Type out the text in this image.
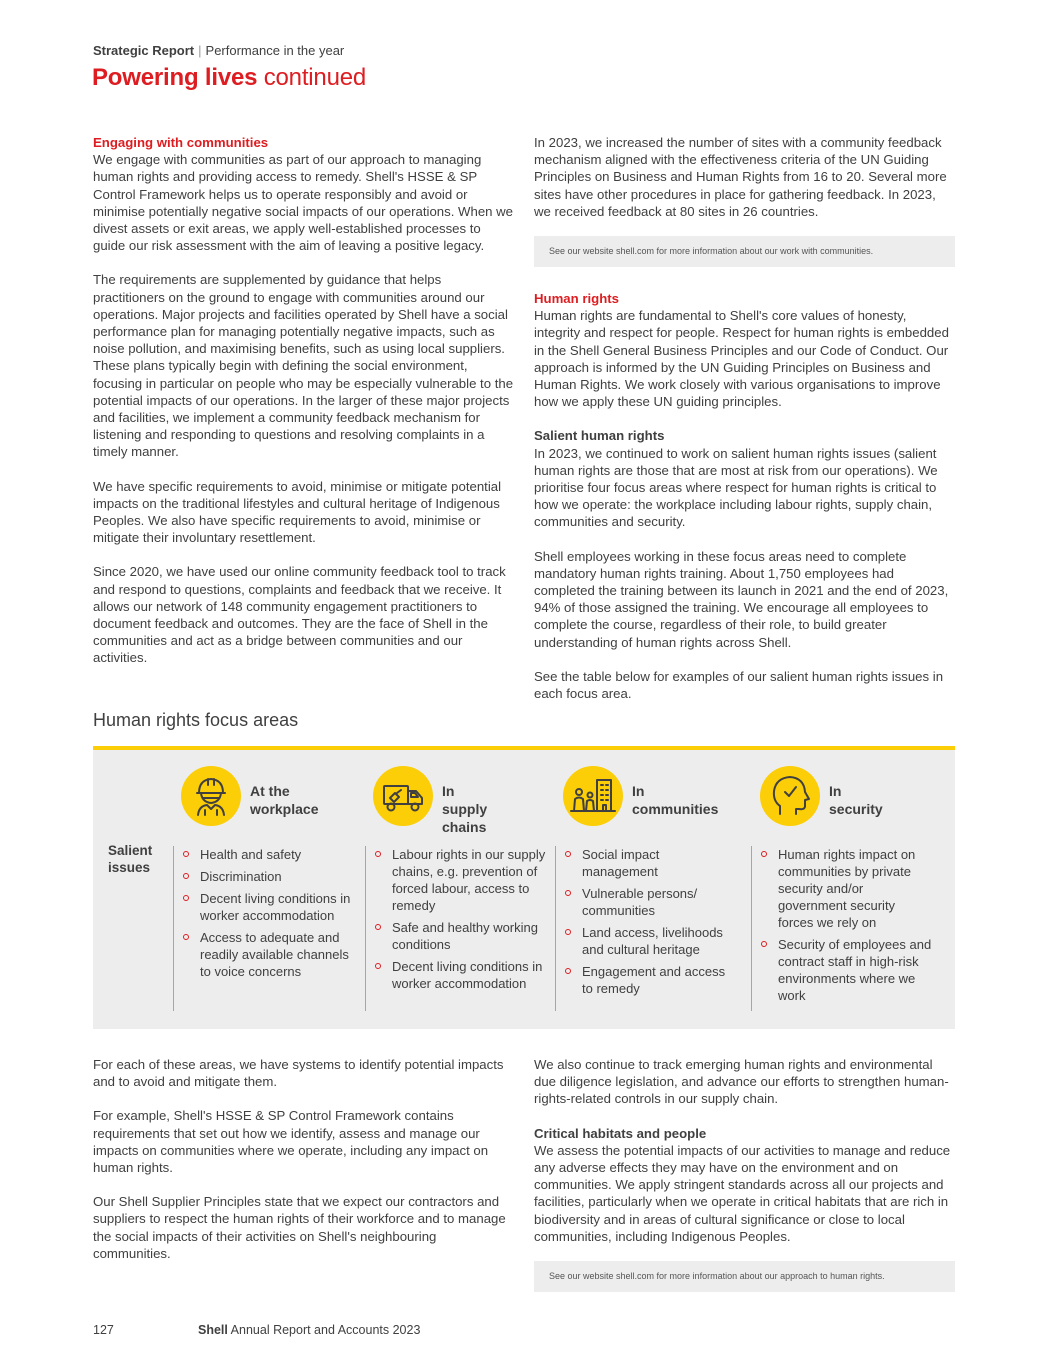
Strategic Report | Performance in the year
Powering lives continued
Engaging with communities

We engage with communities as part of our approach to managing human rights and providing access to remedy. Shell's HSSE & SP Control Framework helps us to operate responsibly and avoid or minimise potentially negative social impacts of our operations. When we divest assets or exit areas, we apply well-established processes to guide our risk assessment with the aim of leaving a positive legacy.

The requirements are supplemented by guidance that helps practitioners on the ground to engage with communities around our operations. Major projects and facilities operated by Shell have a social performance plan for managing potentially negative impacts, such as noise pollution, and maximising benefits, such as using local suppliers. These plans typically begin with defining the social environment, focusing in particular on people who may be especially vulnerable to the potential impacts of our operations. In the larger of these major projects and facilities, we implement a community feedback mechanism for listening and responding to questions and resolving complaints in a timely manner.

We have specific requirements to avoid, minimise or mitigate potential impacts on the traditional lifestyles and cultural heritage of Indigenous Peoples. We also have specific requirements to avoid, minimise or mitigate their involuntary resettlement.

Since 2020, we have used our online community feedback tool to track and respond to questions, complaints and feedback that we receive. It allows our network of 148 community engagement practitioners to document feedback and outcomes. They are the face of Shell in the communities and act as a bridge between communities and our activities.

In 2023, we increased the number of sites with a community feedback mechanism aligned with the effectiveness criteria of the UN Guiding Principles on Business and Human Rights from 16 to 20. Several more sites have other procedures in place for gathering feedback. In 2023, we received feedback at 80 sites in 26 countries.

See our website shell.com for more information about our work with communities.
Human rights

Human rights are fundamental to Shell's core values of honesty, integrity and respect for people. Respect for human rights is embedded in the Shell General Business Principles and our Code of Conduct. Our approach is informed by the UN Guiding Principles on Business and Human Rights. We work closely with various organisations to improve how we apply these UN guiding principles.

Salient human rights

In 2023, we continued to work on salient human rights issues (salient human rights are those that are most at risk from our operations). We prioritise four focus areas where respect for human rights is critical to how we operate: the workplace including labour rights, supply chain, communities and security.

Shell employees working in these focus areas need to complete mandatory human rights training. About 1,750 employees had completed the training between its launch in 2021 and the end of 2023, 94% of those assigned the training. We encourage all employees to complete the course, regardless of their role, to build greater understanding of human rights across Shell.

See the table below for examples of our salient human rights issues in each focus area.

Human rights focus areas
Salient
issues
At the
workplace
In supply
chains
In
communities
In
security
Health and safety
Discrimination
Decent living conditions in worker accommodation
Access to adequate and readily available channels to voice concerns
Labour rights in our supply chains, e.g. prevention of forced labour, access to remedy
Safe and healthy working conditions
Decent living conditions in worker accommodation
Social impact management
Vulnerable persons/ communities
Land access, livelihoods and cultural heritage
Engagement and access to remedy
Human rights impact on communities by private security and/or government security forces we rely on
Security of employees and contract staff in high-risk environments where we work

For each of these areas, we have systems to identify potential impacts and to avoid and mitigate them.

For example, Shell's HSSE & SP Control Framework contains requirements that set out how we identify, assess and manage our impacts on communities where we operate, including any impact on human rights.

Our Shell Supplier Principles state that we expect our contractors and suppliers to respect the human rights of their workforce and to manage the social impacts of their activities on Shell's neighbouring communities.

We also continue to track emerging human rights and environmental due diligence legislation, and advance our efforts to strengthen human-rights-related controls in our supply chain.

Critical habitats and people

We assess the potential impacts of our activities to manage and reduce any adverse effects they may have on the environment and on communities. We apply stringent standards across all our projects and facilities, particularly when we operate in critical habitats that are rich in biodiversity and in areas of cultural significance or close to local communities, including Indigenous Peoples.

See our website shell.com for more information about our approach to human rights.
127	Shell Annual Report and Accounts 2023
